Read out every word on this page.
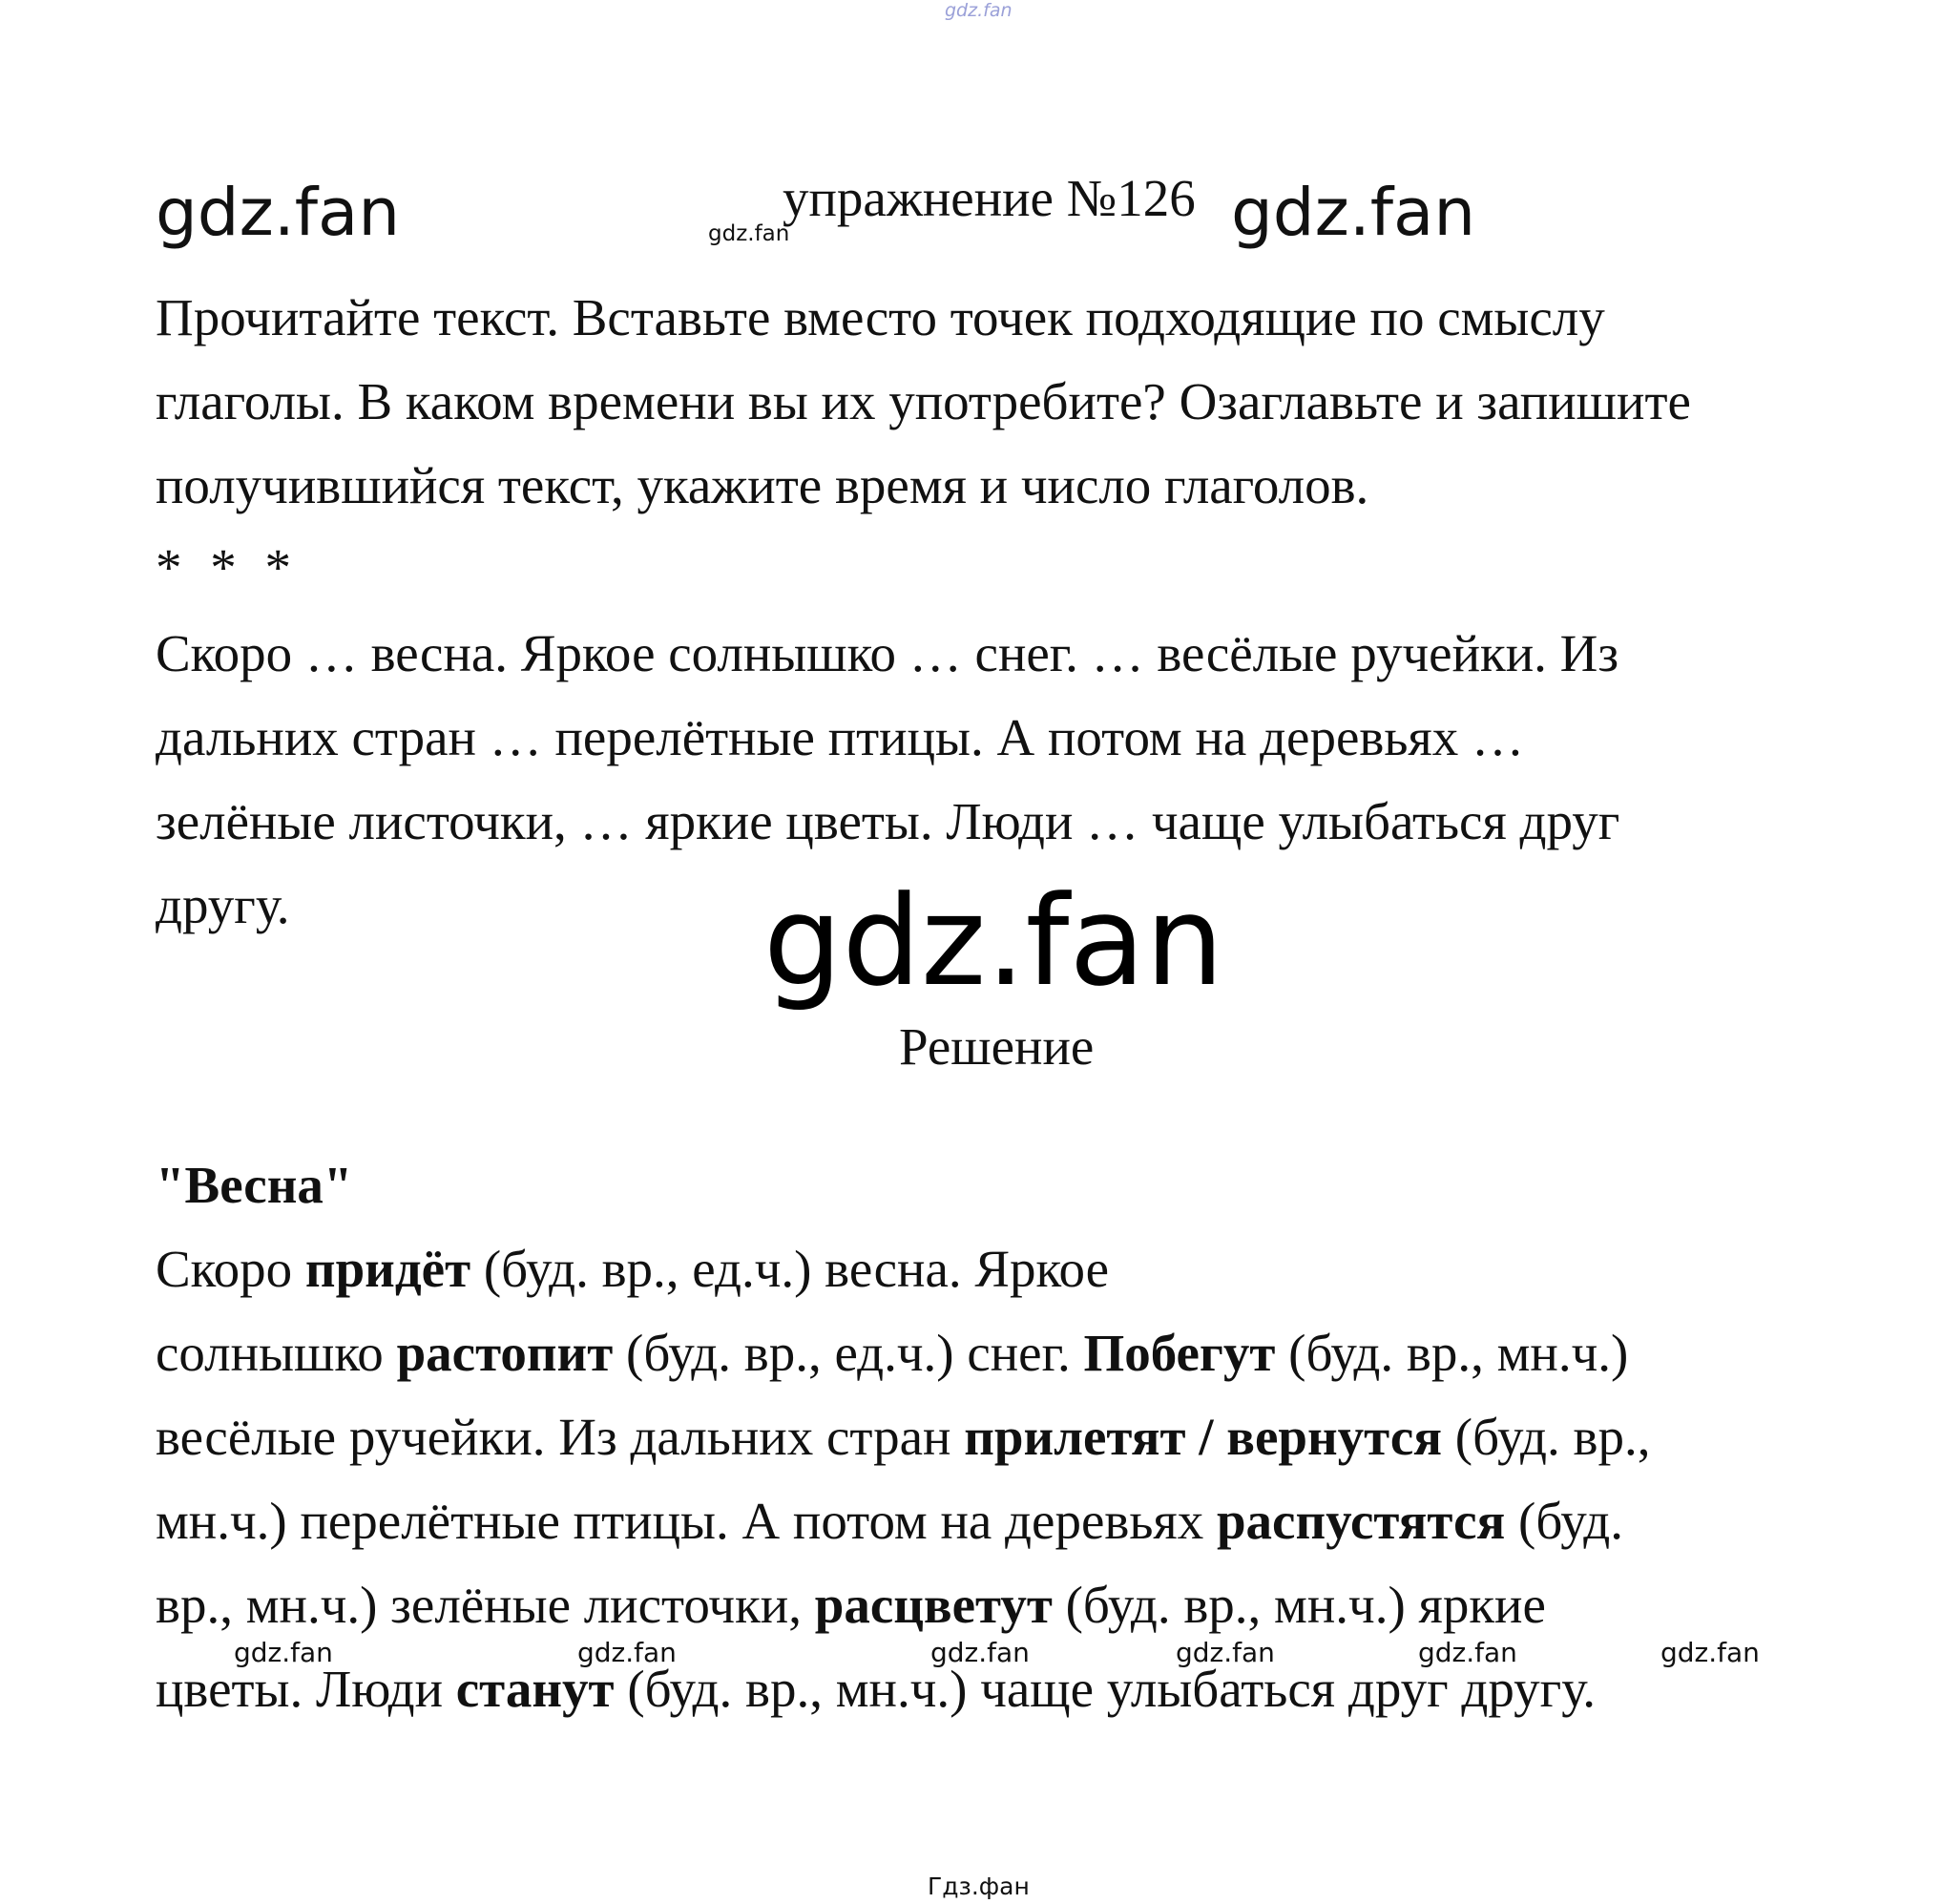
gdz.fan
gdz.fan	gdz.fan
упражнение №126 gdz.fan
Прочитайте текст. Вставьте вместо точек подходящие по смыслу
глаголы. В каком времени вы их употребите? Озаглавьте и запишите
получившийся текст, укажите время и число глаголов.
* * *
Скоро … весна. Яркое солнышко … снег. … весёлые ручейки. Из
дальних стран … перелётные птицы. А потом на деревьях …
зелёные листочки, … яркие цветы. Люди … чаще улыбаться друг
другу.	gdz.fan
Решение
"Весна"
Скоро придёт (буд. вр., ед.ч.) весна. Яркое
солнышко растопит (буд. вр., ед.ч.) снег. Побегут (буд. вр., мн.ч.)
весёлые ручейки. Из дальних стран прилетят / вернутся (буд. вр.,
мн.ч.) перелётные птицы. А потом на деревьях распустятся (буд.
вр., мн.ч.) зелёные листочки, расцветут (буд. вр., мн.ч.) яркие
цветы. Люди станут (буд. вр., мн.ч.) чаще улыбаться друг другу.
gdz.fan	gdz.fan	gdz.fan	gdz.fan	gdz.fan	gdz.fan
Гдз.фан
